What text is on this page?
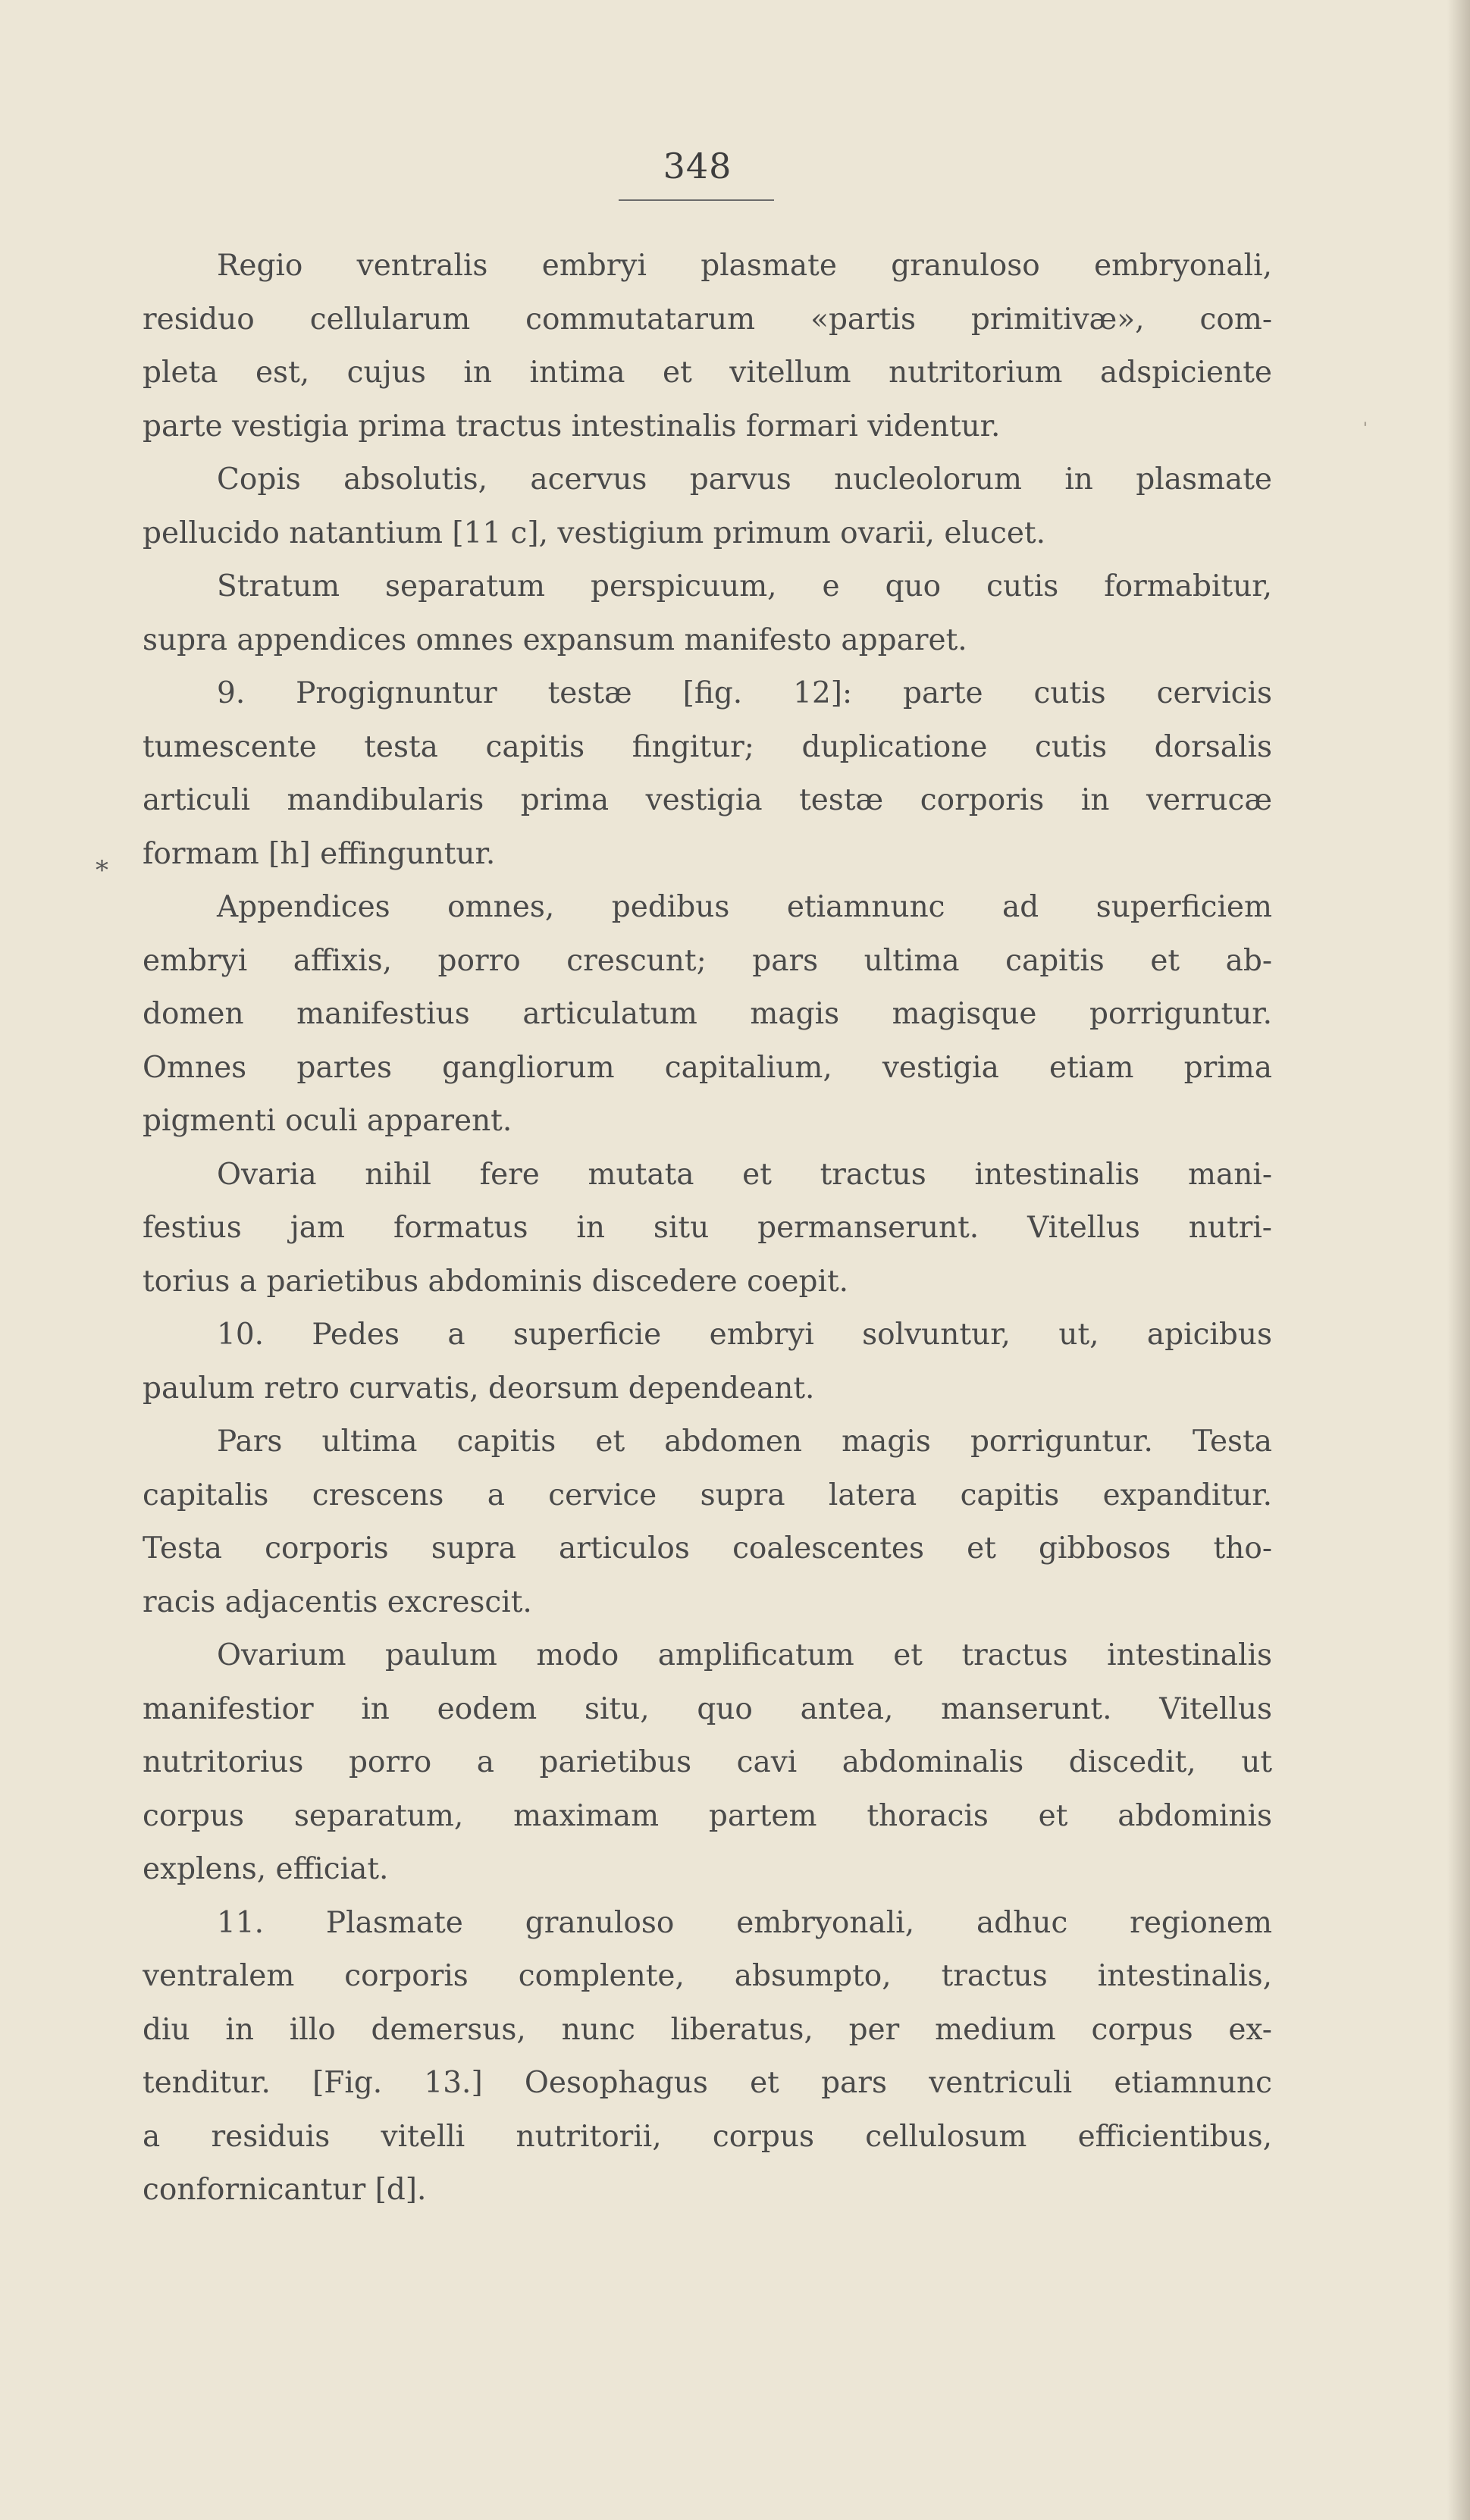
348
*
'

Regio ventralis embryi plasmate granuloso embryonali,
residuo cellularum commutatarum «partis primitivæ», com-
pleta est, cujus in intima et vitellum nutritorium adspiciente
parte vestigia prima tractus intestinalis formari videntur.

Copis absolutis, acervus parvus nucleolorum in plasmate
pellucido natantium [11 c], vestigium primum ovarii, elucet.

Stratum separatum perspicuum, e quo cutis formabitur,
supra appendices omnes expansum manifesto apparet.

9. Progignuntur testæ [fig. 12]: parte cutis cervicis
tumescente testa capitis fingitur; duplicatione cutis dorsalis
articuli mandibularis prima vestigia testæ corporis in verrucæ
formam [h] effinguntur.

Appendices omnes, pedibus etiamnunc ad superficiem
embryi affixis, porro crescunt; pars ultima capitis et ab-
domen manifestius articulatum magis magisque porriguntur.
Omnes partes gangliorum capitalium, vestigia etiam prima
pigmenti oculi apparent.

Ovaria nihil fere mutata et tractus intestinalis mani-
festius jam formatus in situ permanserunt. Vitellus nutri-
torius a parietibus abdominis discedere coepit.

10. Pedes a superficie embryi solvuntur, ut, apicibus
paulum retro curvatis, deorsum dependeant.

Pars ultima capitis et abdomen magis porriguntur. Testa
capitalis crescens a cervice supra latera capitis expanditur.
Testa corporis supra articulos coalescentes et gibbosos tho-
racis adjacentis excrescit.

Ovarium paulum modo amplificatum et tractus intestinalis
manifestior in eodem situ, quo antea, manserunt. Vitellus
nutritorius porro a parietibus cavi abdominalis discedit, ut
corpus separatum, maximam partem thoracis et abdominis
explens, efficiat.

11. Plasmate granuloso embryonali, adhuc regionem
ventralem corporis complente, absumpto, tractus intestinalis,
diu in illo demersus, nunc liberatus, per medium corpus ex-
tenditur. [Fig. 13.] Oesophagus et pars ventriculi etiamnunc
a residuis vitelli nutritorii, corpus cellulosum efficientibus,
confornicantur [d].
